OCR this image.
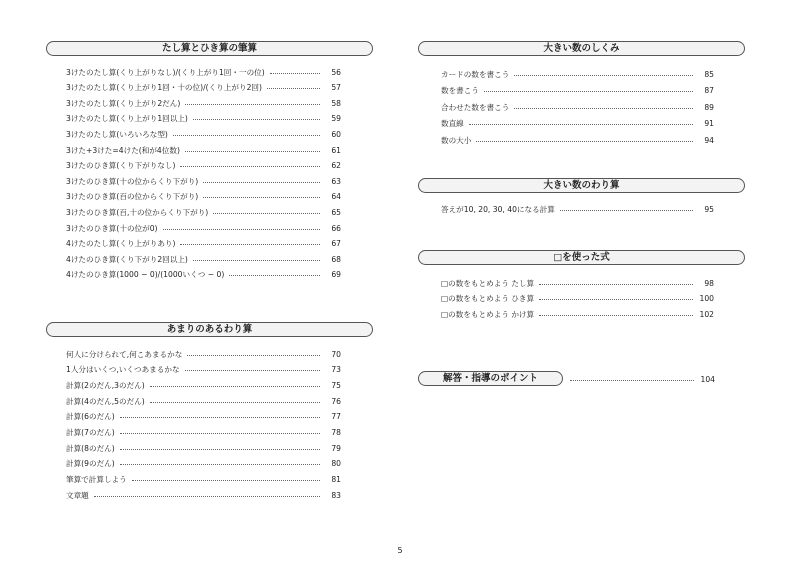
たし算とひき算の筆算
3けたのたし算(くり上がりなし)/(くり上がり1回・一の位)	56
3けたのたし算(くり上がり1回・十の位)/(くり上がり2回)	57
3けたのたし算(くり上がり2だん)	58
3けたのたし算(くり上がり1回以上)	59
3けたのたし算(いろいろな型)	60
3けた+3けた=4けた(和が4位数)	61
3けたのひき算(くり下がりなし)	62
3けたのひき算(十の位からくり下がり)	63
3けたのひき算(百の位からくり下がり)	64
3けたのひき算(百,十の位からくり下がり)	65
3けたのひき算(十の位が0)	66
4けたのたし算(くり上がりあり)	67
4けたのひき算(くり下がり2回以上)	68
4けたのひき算(1000 − 0)/(1000いくつ − 0)	69
あまりのあるわり算
何人に分けられて,何こあまるかな	70
1人分はいくつ,いくつあまるかな	73
計算(2のだん,3のだん)	75
計算(4のだん,5のだん)	76
計算(6のだん)	77
計算(7のだん)	78
計算(8のだん)	79
計算(9のだん)	80
筆算で計算しよう	81
文章題	83
大きい数のしくみ
カードの数を書こう	85
数を書こう	87
合わせた数を書こう	89
数直線	91
数の大小	94
大きい数のわり算
答えが10, 20, 30, 40になる計算	95
□を使った式
□の数をもとめよう たし算	98
□の数をもとめよう ひき算	100
□の数をもとめよう かけ算	102
解答・指導のポイント	104
5
